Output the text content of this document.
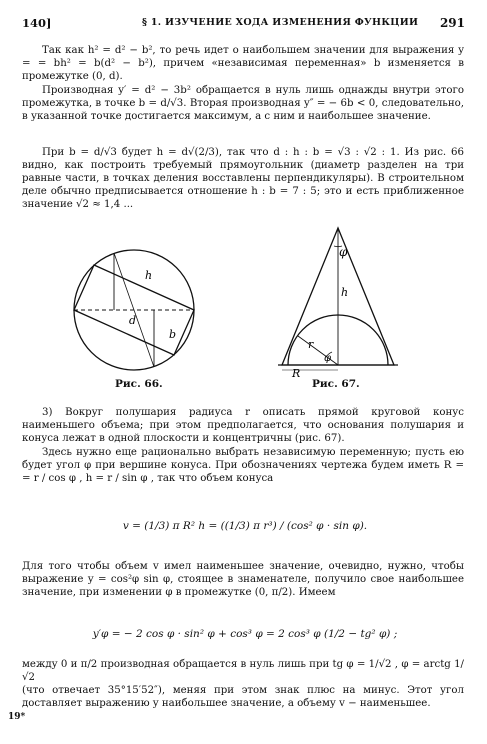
140]	§ 1. ИЗУЧЕНИЕ ХОДА ИЗМЕНЕНИЯ ФУНКЦИИ 291

Так как h² = d² − b², то речь идет о наибольшем значении для выражения y = = bh² = b(d² − b²), причем «независимая переменная» b изменяется в промежутке (0, d).

Производная y′ = d² − 3b² обращается в нуль лишь однажды внутри этого промежутка, в точке b = d/√3. Вторая производная y″ = − 6b < 0, следовательно, в указанной точке достигается максимум, а с ним и наибольшее значение.

При b = d/√3 будет h = d√(2/3), так что d : h : b = √3 : √2 : 1. Из рис. 66 видно, как построить требуемый прямоугольник (диаметр разделен на три равные части, в точках деления восставлены перпендикуляры). В строительном деле обычно предписывается отношение h : b = 7 : 5; это и есть приближенное значение √2 ≈ 1,4 ...

h
d
b
Рис. 66.
φ
h
r
φ
R
Рис. 67.

3) Вокруг полушария радиуса r описать прямой круговой конус наименьшего объема; при этом предполагается, что основания полушария и конуса лежат в одной плоскости и концентричны (рис. 67).

Здесь нужно еще рационально выбрать независимую переменную; пусть ею будет угол φ при вершине конуса. При обозначениях чертежа будем иметь R = = r / cos φ , h = r / sin φ , так что объем конуса

v = (1/3) π R² h = ((1/3) π r³) / (cos² φ · sin φ).

Для того чтобы объем v имел наименьшее значение, очевидно, нужно, чтобы выражение y = cos²φ sin φ, стоящее в знаменателе, получило свое наибольшее значение, при изменении φ в промежутке (0, π/2). Имеем

y′φ = − 2 cos φ · sin² φ + cos³ φ = 2 cos³ φ (1/2 − tg² φ) ;

между 0 и π/2 производная обращается в нуль лишь при tg φ = 1/√2 , φ = arctg 1/√2

(что отвечает 35°15′52″), меняя при этом знак плюс на минус. Этот угол доставляет выражению y наибольшее значение, а объему v − наименьшее.

19*
